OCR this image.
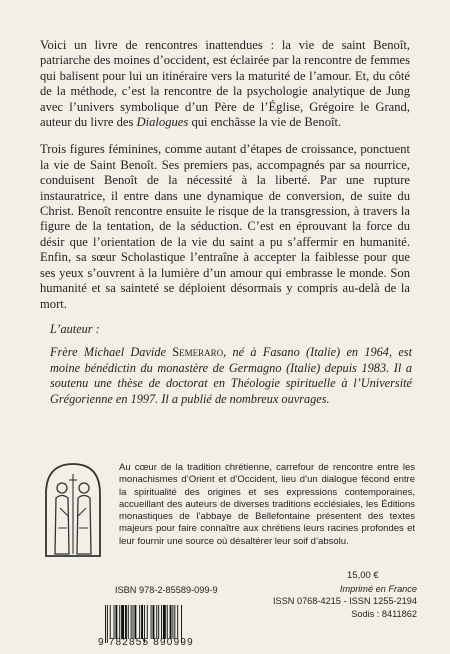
Voici un livre de rencontres inattendues : la vie de saint Benoît, patriarche des moines d’occident, est éclairée par la rencontre de femmes qui balisent pour lui un itinéraire vers la maturité de l’amour. Et, du côté de la méthode, c’est la rencontre de la psychologie analytique de Jung avec l’univers symbolique d’un Père de l’Église, Grégoire le Grand, auteur du livre des Dialogues qui enchâsse la vie de Benoît.

Trois figures féminines, comme autant d’étapes de croissance, ponctuent la vie de Saint Benoît. Ses premiers pas, accompagnés par sa nourrice, conduisent Benoît de la nécessité à la liberté. Par une rupture instauratrice, il entre dans une dynamique de conversion, de suite du Christ. Benoît rencontre ensuite le risque de la transgression, à travers la figure de la tentation, de la séduction. C’est en éprouvant la force du désir que l’orientation de la vie du saint a pu s’affermir en humanité. Enfin, sa sœur Scholastique l’entraîne à accepter la faiblesse pour que ses yeux s’ouvrent à la lumière d’un amour qui embrasse le monde. Son humanité et sa sainteté se déploient désormais y compris au-delà de la mort.

L’auteur :

Frère Michael Davide Semeraro, né à Fasano (Italie) en 1964, est moine bénédictin du monastère de Germagno (Italie) depuis 1983. Il a soutenu une thèse de doctorat en Théologie spirituelle à l’Université Grégorienne en 1997. Il a publié de nombreux ouvrages.

Au cœur de la tradition chrétienne, carrefour de rencontre entre les monachismes d’Orient et d’Occident, lieu d’un dialogue fécond entre la spiritualité des origines et ses expressions contemporaines, accueillant des auteurs de diverses traditions ecclésiales, les Éditions monastiques de l’abbaye de Bellefontaine présentent des textes majeurs pour faire connaître aux chrétiens leurs racines profondes et leur fournir une source où désaltérer leur soif d’absolu.
15,00 €
ISBN 978-2-85589-099-9
9 782855 890999
Imprimé en France
ISSN 0768-4215 - ISSN 1255-2194
Sodis : 8411862
